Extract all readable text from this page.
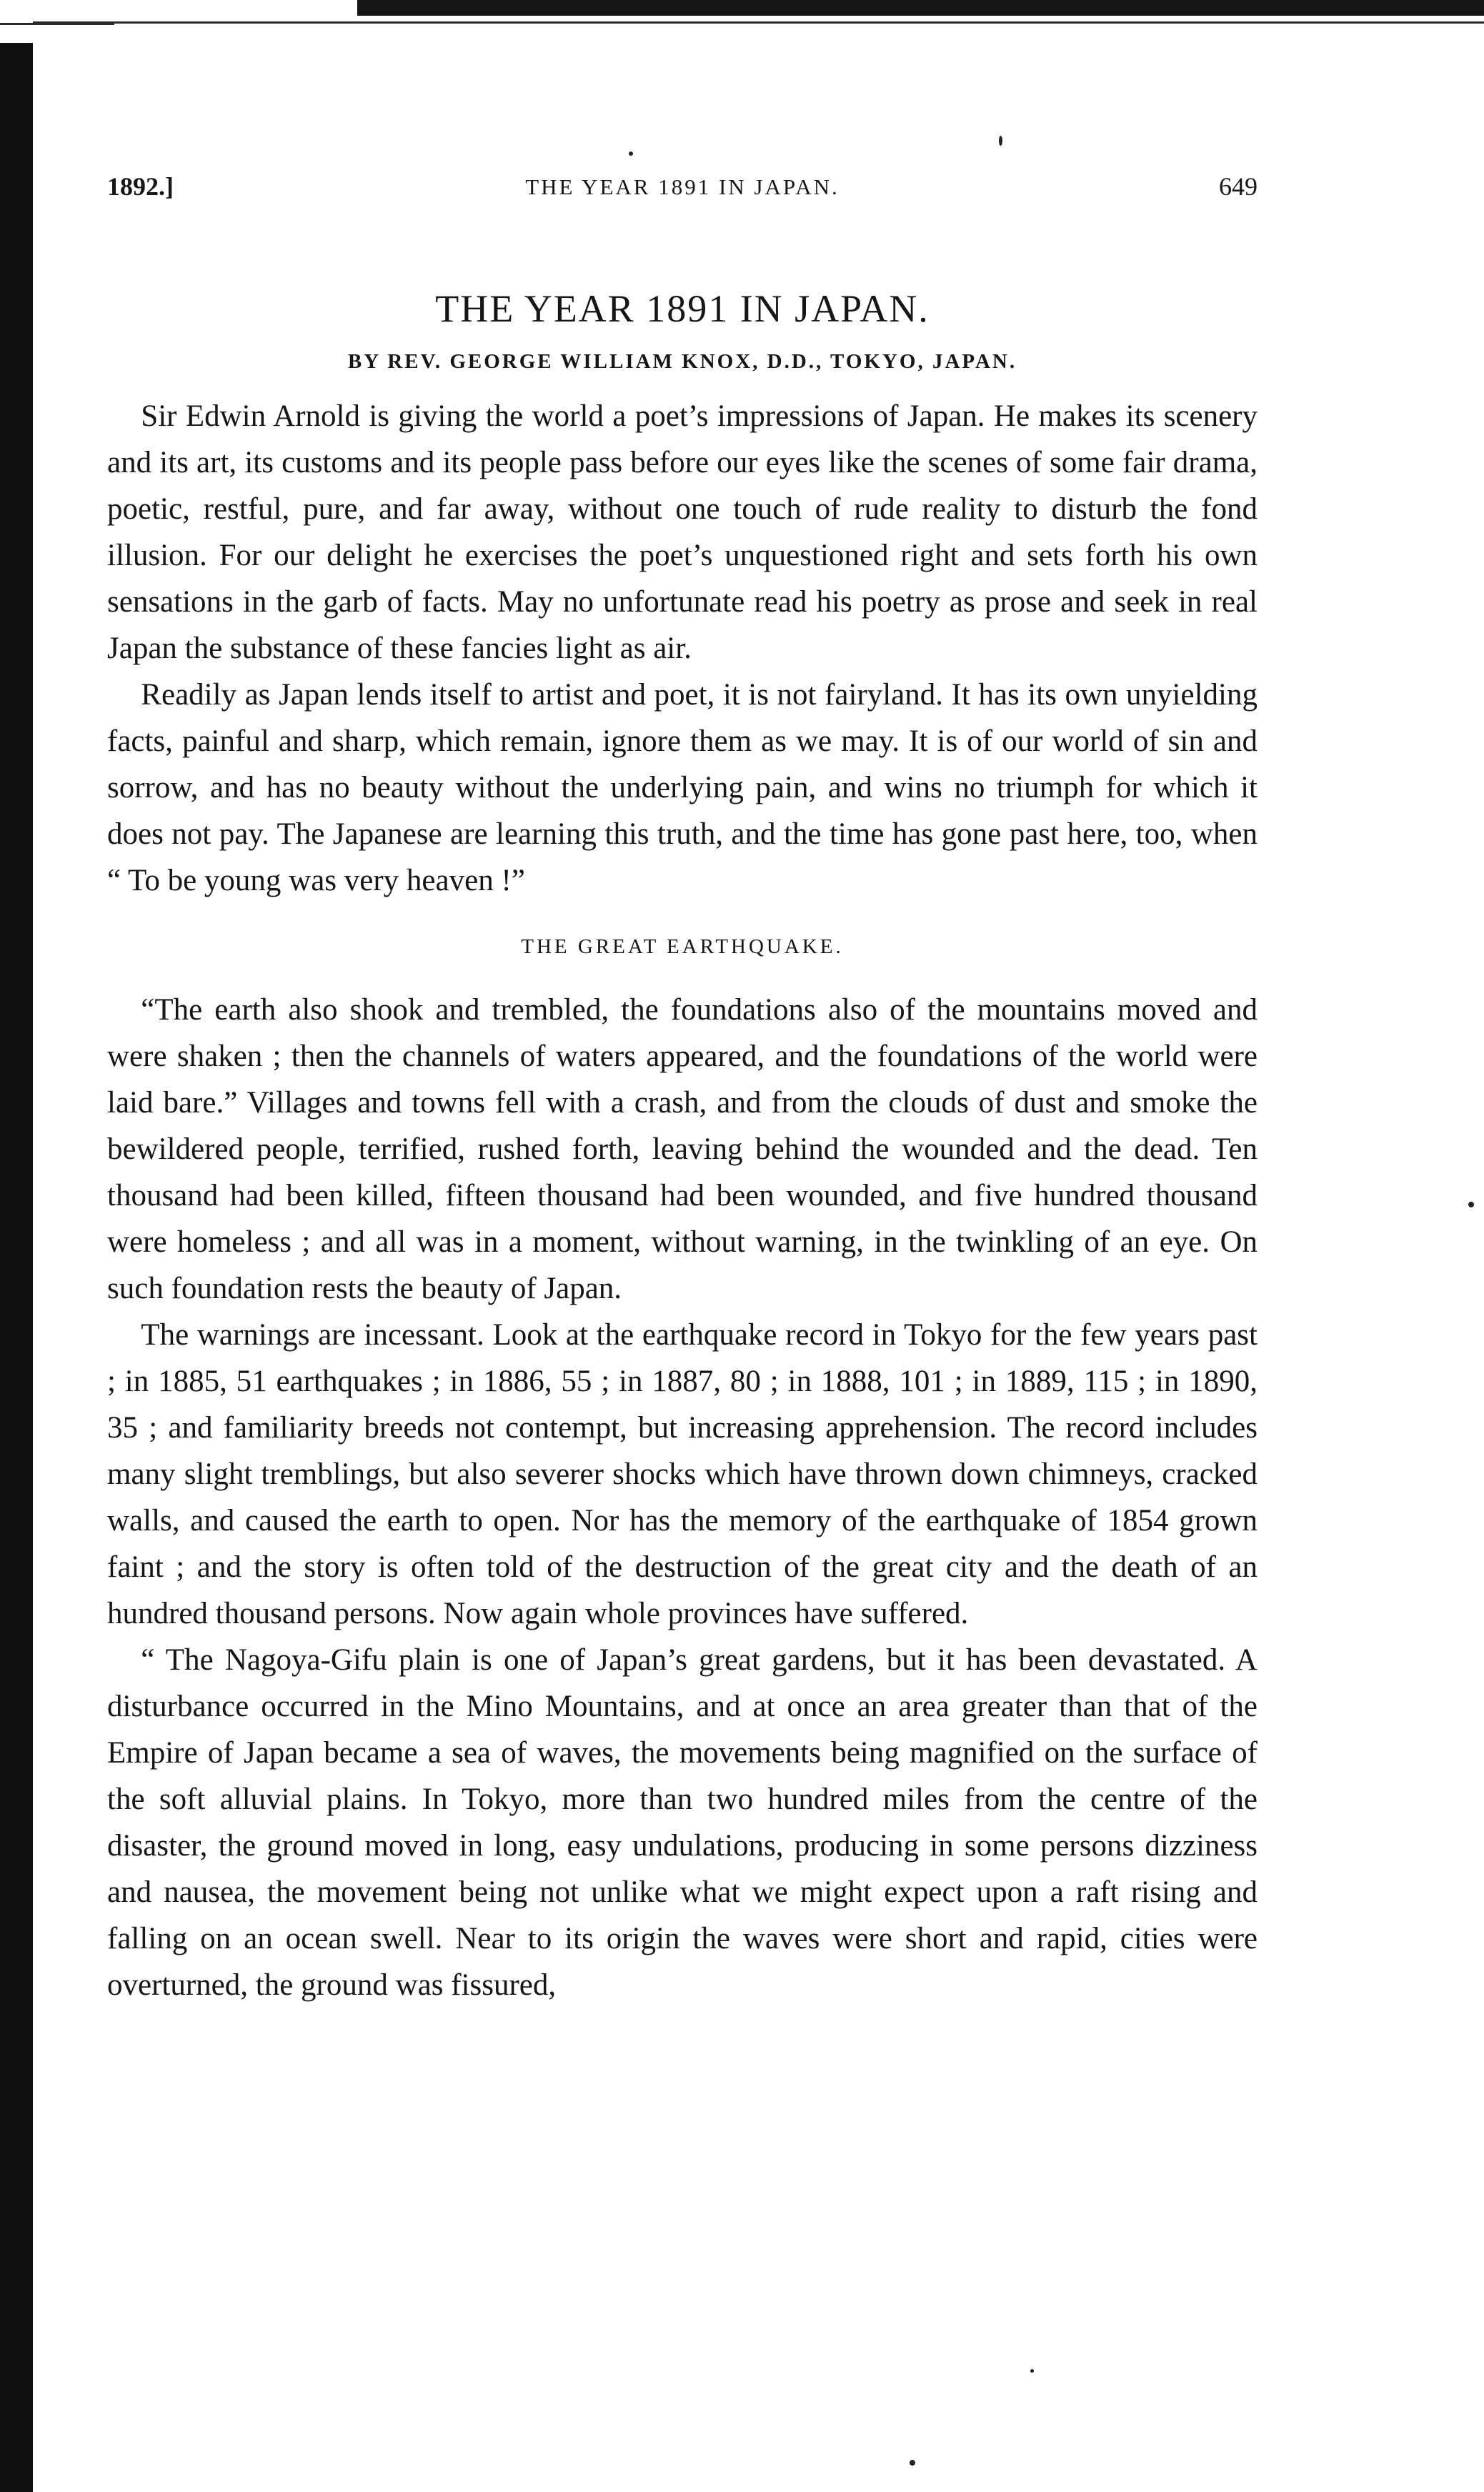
1892.]	THE YEAR 1891 IN JAPAN.	649
THE YEAR 1891 IN JAPAN.
BY REV. GEORGE WILLIAM KNOX, D.D., TOKYO, JAPAN.

Sir Edwin Arnold is giving the world a poet’s impressions of Japan. He makes its scenery and its art, its customs and its people pass before our eyes like the scenes of some fair drama, poetic, restful, pure, and far away, without one touch of rude reality to disturb the fond illusion. For our delight he exercises the poet’s unquestioned right and sets forth his own sensations in the garb of facts. May no unfortunate read his poetry as prose and seek in real Japan the substance of these fancies light as air.

Readily as Japan lends itself to artist and poet, it is not fairyland. It has its own unyielding facts, painful and sharp, which remain, ignore them as we may. It is of our world of sin and sorrow, and has no beauty without the underlying pain, and wins no triumph for which it does not pay. The Japanese are learning this truth, and the time has gone past here, too, when “ To be young was very heaven !”

THE GREAT EARTHQUAKE.

“The earth also shook and trembled, the foundations also of the mountains moved and were shaken ; then the channels of waters appeared, and the foundations of the world were laid bare.” Villages and towns fell with a crash, and from the clouds of dust and smoke the bewildered people, terrified, rushed forth, leaving behind the wounded and the dead. Ten thousand had been killed, fifteen thousand had been wounded, and five hundred thousand were homeless ; and all was in a moment, without warning, in the twinkling of an eye. On such foundation rests the beauty of Japan.

The warnings are incessant. Look at the earthquake record in Tokyo for the few years past ; in 1885, 51 earthquakes ; in 1886, 55 ; in 1887, 80 ; in 1888, 101 ; in 1889, 115 ; in 1890, 35 ; and familiarity breeds not contempt, but increasing apprehension. The record includes many slight tremblings, but also severer shocks which have thrown down chimneys, cracked walls, and caused the earth to open. Nor has the memory of the earthquake of 1854 grown faint ; and the story is often told of the destruction of the great city and the death of an hundred thousand persons. Now again whole provinces have suffered.

“ The Nagoya-Gifu plain is one of Japan’s great gardens, but it has been devastated. A disturbance occurred in the Mino Mountains, and at once an area greater than that of the Empire of Japan became a sea of waves, the movements being magnified on the surface of the soft alluvial plains. In Tokyo, more than two hundred miles from the centre of the disaster, the ground moved in long, easy undulations, producing in some persons dizziness and nausea, the movement being not unlike what we might expect upon a raft rising and falling on an ocean swell. Near to its origin the waves were short and rapid, cities were overturned, the ground was fissured,
